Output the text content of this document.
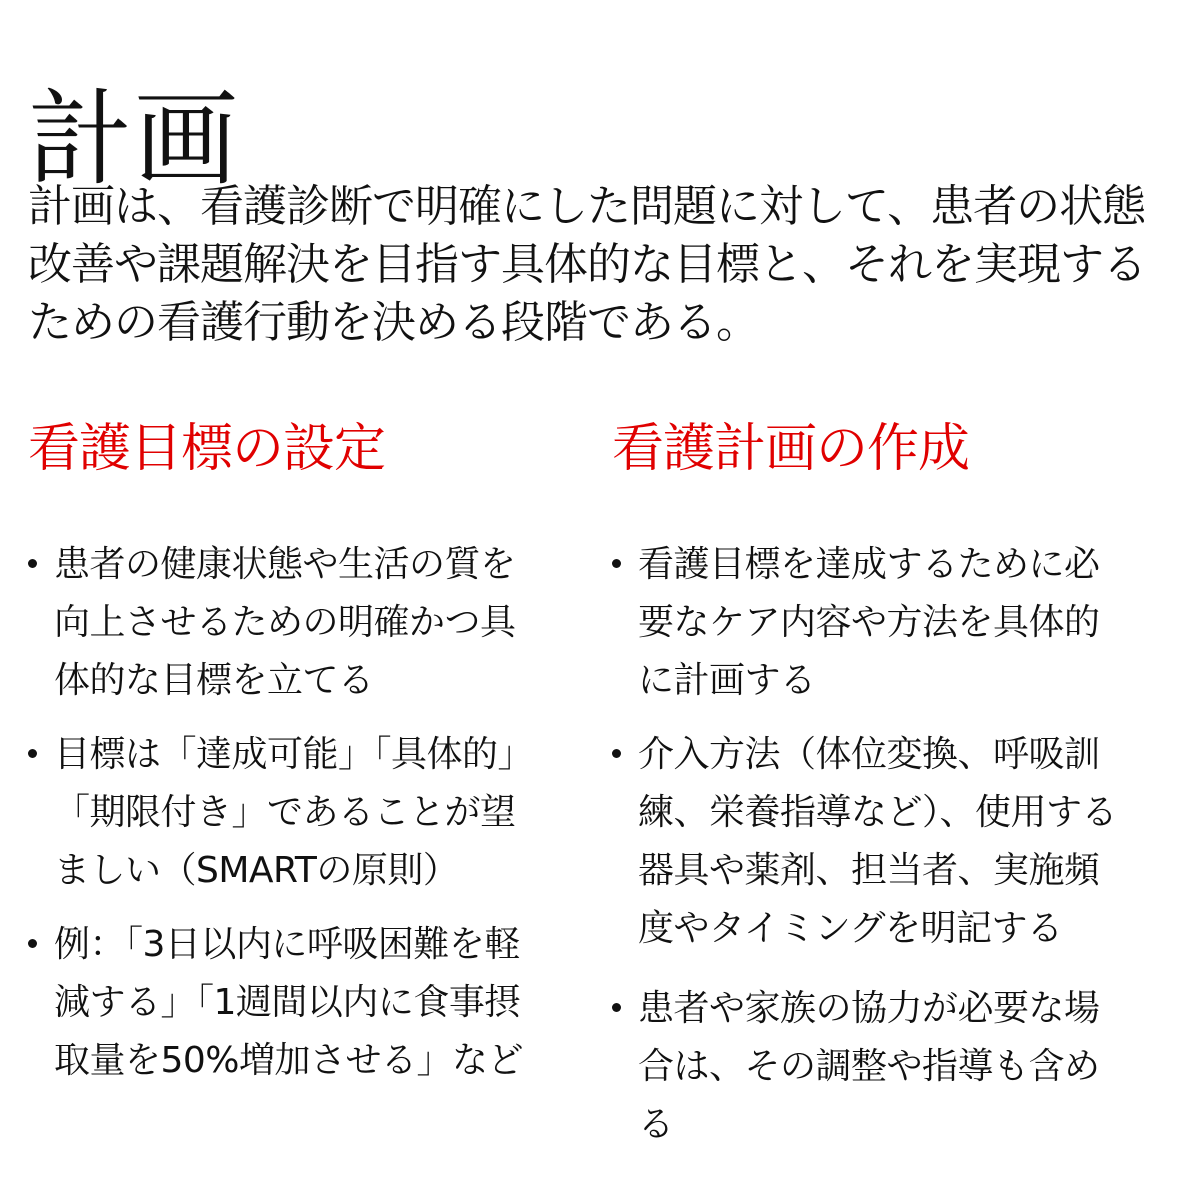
計画

計画は、看護診断で明確にした問題に対して、患者の状態改善や課題解決を目指す具体的な目標と、それを実現するための看護行動を決める段階である。

看護目標の設定
患者の健康状態や生活の質を向上させるための明確かつ具体的な目標を立てる
目標は「達成可能」「具体的」「期限付き」であることが望ましい（SMARTの原則）
例：「3日以内に呼吸困難を軽減する」「1週間以内に食事摂取量を50%増加させる」など
看護計画の作成
看護目標を達成するために必要なケア内容や方法を具体的に計画する
介入方法（体位変換、呼吸訓練、栄養指導など）、使用する器具や薬剤、担当者、実施頻度やタイミングを明記する
患者や家族の協力が必要な場合は、その調整や指導も含める
